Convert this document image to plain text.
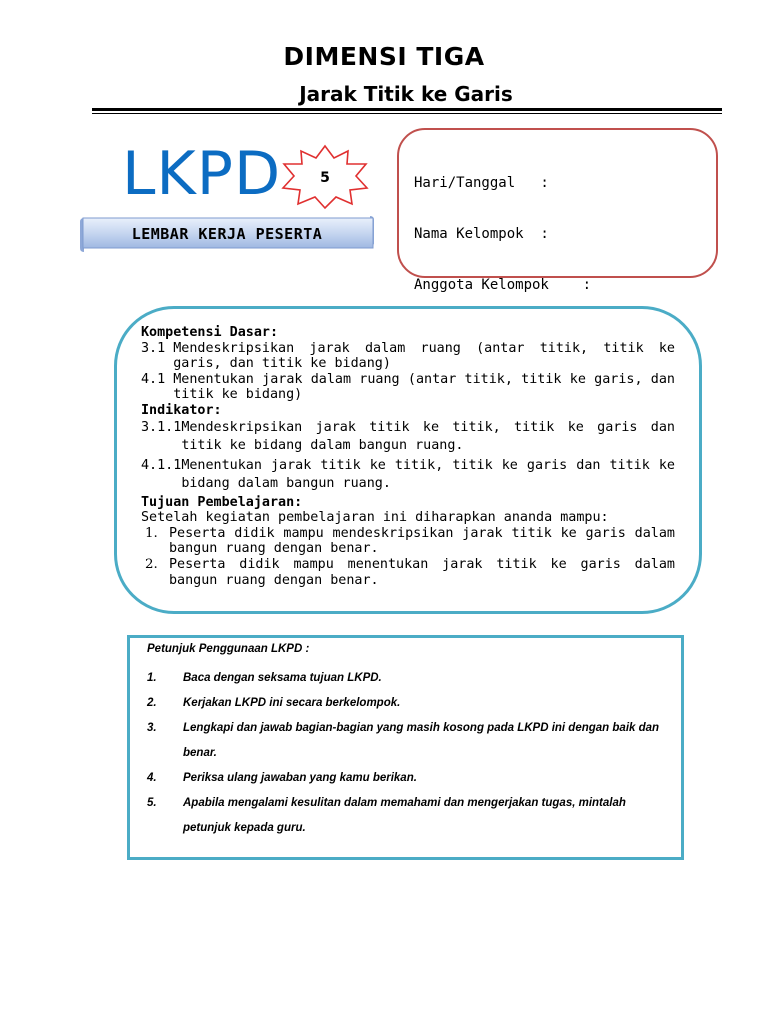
DIMENSI TIGA
Jarak Titik ke Garis
LKPD	5
LEMBAR KERJA PESERTA

Hari/Tanggal   :

Nama Kelompok  :

Anggota Kelompok    :

Kompetensi Dasar:
3.1 Mendeskripsikan jarak dalam ruang (antar titik, titik ke garis, dan titik ke bidang)
4.1 Menentukan jarak dalam ruang (antar titik, titik ke garis, dan titik ke bidang)
Indikator:
3.1.1 Mendeskripsikan jarak titik ke titik, titik ke garis dan titik ke bidang dalam bangun ruang.
4.1.1 Menentukan jarak titik ke titik, titik ke garis dan titik ke bidang dalam bangun ruang.
Tujuan Pembelajaran:
Setelah kegiatan pembelajaran ini diharapkan ananda mampu:
1. Peserta didik mampu mendeskripsikan jarak titik ke garis dalam bangun ruang dengan benar.
2. Peserta didik mampu menentukan jarak titik ke garis dalam bangun ruang dengan benar.
Petunjuk Penggunaan LKPD :
1.	Baca dengan seksama tujuan LKPD.
2.	Kerjakan LKPD ini secara berkelompok.
3.	Lengkapi dan jawab bagian-bagian yang masih kosong pada LKPD ini dengan baik dan benar.
4.	Periksa ulang jawaban yang kamu berikan.
5.	Apabila mengalami kesulitan dalam memahami dan mengerjakan tugas, mintalah petunjuk kepada guru.
